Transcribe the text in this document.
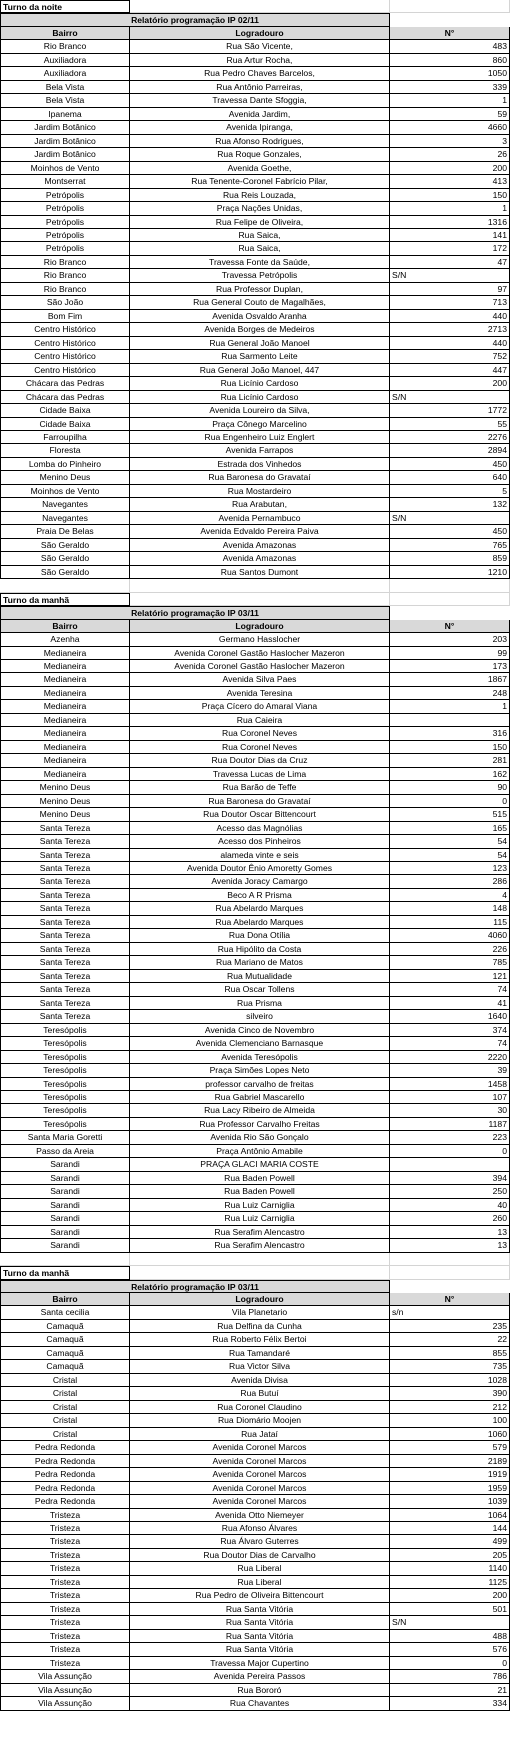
Turno da noite
Relatório programação IP 02/11
Bairro	Logradouro	N°
Rio Branco	Rua São Vicente,	483
Auxiliadora	Rua Artur Rocha,	860
Auxiliadora	Rua Pedro Chaves Barcelos,	1050
Bela Vista	Rua Antônio Parreiras,	339
Bela Vista	Travessa Dante Sfoggia,	1
Ipanema	Avenida Jardim,	59
Jardim Botânico	Avenida Ipiranga,	4660
Jardim Botânico	Rua Afonso Rodrigues,	3
Jardim Botânico	Rua Roque Gonzales,	26
Moinhos de Vento	Avenida Goethe,	200
Montserrat	Rua Tenente-Coronel Fabrício Pilar,	413
Petrópolis	Rua Reis Louzada,	150
Petrópolis	Praça Nações Unidas,	1
Petrópolis	Rua Felipe de Oliveira,	1316
Petrópolis	Rua Saica,	141
Petrópolis	Rua Saica,	172
Rio Branco	Travessa Fonte da Saúde,	47
Rio Branco	Travessa Petrópolis	S/N
Rio Branco	Rua Professor Duplan,	97
São João	Rua General Couto de Magalhães,	713
Bom Fim	Avenida Osvaldo Aranha	440
Centro Histórico	Avenida Borges de Medeiros	2713
Centro Histórico	Rua General João Manoel	440
Centro Histórico	Rua Sarmento Leite	752
Centro Histórico	Rua General João Manoel, 447	447
Chácara das Pedras	Rua Licínio Cardoso	200
Chácara das Pedras	Rua Licínio Cardoso	S/N
Cidade Baixa	Avenida Loureiro da Silva,	1772
Cidade Baixa	Praça Cônego Marcelino	55
Farroupilha	Rua Engenheiro Luiz Englert	2276
Floresta	Avenida Farrapos	2894
Lomba do Pinheiro	Estrada dos Vinhedos	450
Menino Deus	Rua Baronesa do Gravataí	640
Moinhos de Vento	Rua Mostardeiro	5
Navegantes	Rua Arabutan,	132
Navegantes	Avenida Pernambuco	S/N
Praia De Belas	Avenida Edvaldo Pereira Paiva	450
São Geraldo	Avenida Amazonas	765
São Geraldo	Avenida Amazonas	859
São Geraldo	Rua Santos Dumont	1210
Turno da manhã
Relatório programação IP 03/11
Bairro	Logradouro	N°
Azenha	Germano Hasslocher	203
Medianeira	Avenida Coronel Gastão Haslocher Mazeron	99
Medianeira	Avenida Coronel Gastão Haslocher Mazeron	173
Medianeira	Avenida Silva Paes	1867
Medianeira	Avenida Teresina	248
Medianeira	Praça Cícero do Amaral Viana	1
Medianeira	Rua Caieira
Medianeira	Rua Coronel Neves	316
Medianeira	Rua Coronel Neves	150
Medianeira	Rua Doutor Dias da Cruz	281
Medianeira	Travessa Lucas de Lima	162
Menino Deus	Rua Barão de Teffe	90
Menino Deus	Rua Baronesa do Gravataí	0
Menino Deus	Rua Doutor Oscar Bittencourt	515
Santa Tereza	Acesso das Magnólias	165
Santa Tereza	Acesso dos Pinheiros	54
Santa Tereza	alameda vinte e seis	54
Santa Tereza	Avenida Doutor Ênio Amoretty Gomes	123
Santa Tereza	Avenida Joracy Camargo	286
Santa Tereza	Beco A R Prisma	4
Santa Tereza	Rua Abelardo Marques	148
Santa Tereza	Rua Abelardo Marques	115
Santa Tereza	Rua Dona Otília	4060
Santa Tereza	Rua Hipólito da Costa	226
Santa Tereza	Rua Mariano de Matos	785
Santa Tereza	Rua Mutualidade	121
Santa Tereza	Rua Oscar Tollens	74
Santa Tereza	Rua Prisma	41
Santa Tereza	silveiro	1640
Teresópolis	Avenida Cinco de Novembro	374
Teresópolis	Avenida Clemenciano Barnasque	74
Teresópolis	Avenida Teresópolis	2220
Teresópolis	Praça Simões Lopes Neto	39
Teresópolis	professor carvalho de freitas	1458
Teresópolis	Rua Gabriel Mascarello	107
Teresópolis	Rua Lacy Ribeiro de Almeida	30
Teresópolis	Rua Professor Carvalho Freitas	1187
Santa Maria Goretti	Avenida Rio São Gonçalo	223
Passo da Areia	Praça Antônio Amabile	0
Sarandi	PRAÇA GLACI MARIA COSTE
Sarandi	Rua Baden Powell	394
Sarandi	Rua Baden Powell	250
Sarandi	Rua Luiz Carniglia	40
Sarandi	Rua Luiz Carniglia	260
Sarandi	Rua Serafim Alencastro	13
Sarandi	Rua Serafim Alencastro	13
Turno da manhã
Relatório programação IP 03/11
Bairro	Logradouro	N°
Santa cecilia	Vila Planetario	s/n
Camaquã	Rua Delfina da Cunha	235
Camaquã	Rua Roberto Félix Bertoi	22
Camaquã	Rua Tamandaré	855
Camaquã	Rua Victor Silva	735
Cristal	Avenida Divisa	1028
Cristal	Rua Butuí	390
Cristal	Rua Coronel Claudino	212
Cristal	Rua Diomário Moojen	100
Cristal	Rua Jataí	1060
Pedra Redonda	Avenida Coronel Marcos	579
Pedra Redonda	Avenida Coronel Marcos	2189
Pedra Redonda	Avenida Coronel Marcos	1919
Pedra Redonda	Avenida Coronel Marcos	1959
Pedra Redonda	Avenida Coronel Marcos	1039
Tristeza	Avenida Otto Niemeyer	1064
Tristeza	Rua Afonso Álvares	144
Tristeza	Rua Álvaro Guterres	499
Tristeza	Rua Doutor Dias de Carvalho	205
Tristeza	Rua Liberal	1140
Tristeza	Rua Liberal	1125
Tristeza	Rua Pedro de Oliveira Bittencourt	200
Tristeza	Rua Santa Vitória	501
Tristeza	Rua Santa Vitória	S/N
Tristeza	Rua Santa Vitória	488
Tristeza	Rua Santa Vitória	576
Tristeza	Travessa Major Cupertino	0
Vila Assunção	Avenida Pereira Passos	786
Vila Assunção	Rua Bororó	21
Vila Assunção	Rua Chavantes	334
